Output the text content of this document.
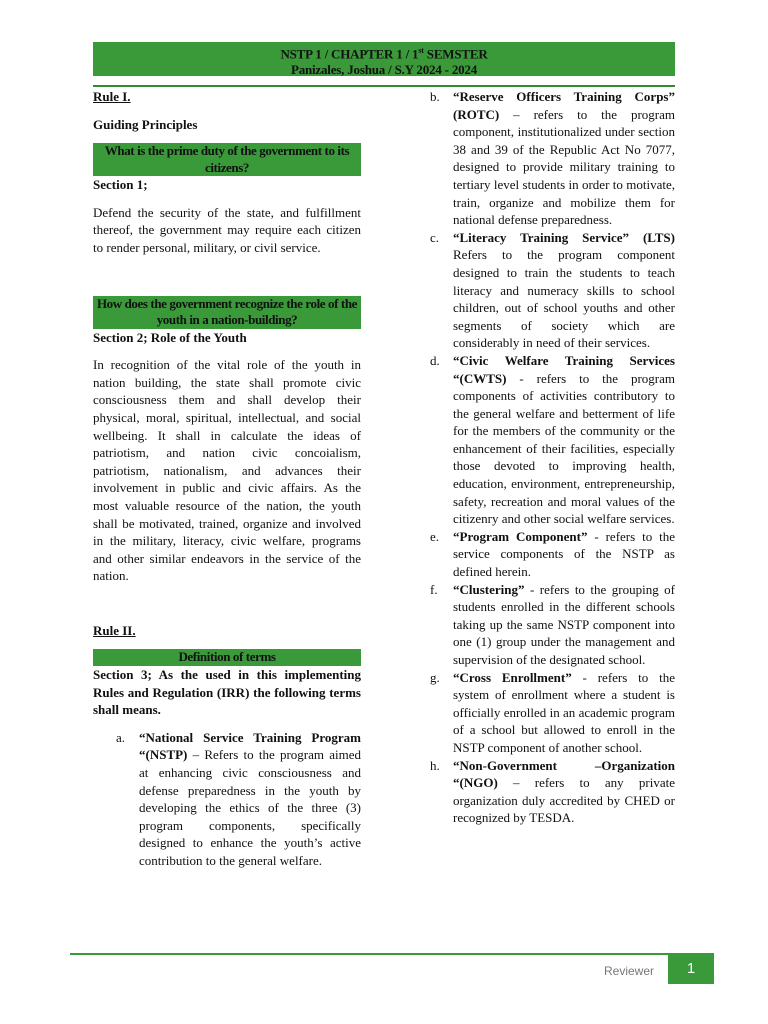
NSTP 1 / CHAPTER 1 / 1st SEMSTER
Panizales, Joshua / S.Y 2024 - 2024

Rule I.

Guiding Principles

What is the prime duty of the government to its citizens?

Section 1;

Defend the security of the state, and fulfillment thereof, the government may require each citizen to render personal, military, or civil service.

How does the government recognize the role of the youth in a nation-building?

Section 2; Role of the Youth

In recognition of the vital role of the youth in nation building, the state shall promote civic consciousness them and shall develop their physical, moral, spiritual, intellectual, and social wellbeing. It shall in calculate the ideas of patriotism, and nation civic concoialism, patriotism, nationalism, and advances their involvement in public and civic affairs. As the most valuable resource of the nation, the youth shall be motivated, trained, organize and involved in the military, literacy, civic welfare, programs and other similar endeavors in the service of the nation.

Rule II.

Definition of terms

Section 3; As the used in this implementing Rules and Regulation (IRR) the following terms shall means.

a. “National Service Training Program “(NSTP) – Refers to the program aimed at enhancing civic consciousness and defense preparedness in the youth by developing the ethics of the three (3) program components, specifically designed to enhance the youth’s active contribution to the general welfare.
b. “Reserve Officers Training Corps” (ROTC) – refers to the program component, institutionalized under section 38 and 39 of the Republic Act No 7077, designed to provide military training to tertiary level students in order to motivate, train, organize and mobilize them for national defense preparedness.
c. “Literacy Training Service” (LTS) Refers to the program component designed to train the students to teach literacy and numeracy skills to school children, out of school youths and other segments of society which are considerably in need of their services.
d. “Civic Welfare Training Services “(CWTS) - refers to the program components of activities contributory to the general welfare and betterment of life for the members of the community or the enhancement of their facilities, especially those devoted to improving health, education, environment, entrepreneurship, safety, recreation and moral values of the citizenry and other social welfare services.
e. “Program Component” - refers to the service components of the NSTP as defined herein.
f. “Clustering” - refers to the grouping of students enrolled in the different schools taking up the same NSTP component into one (1) group under the management and supervision of the designated school.
g. “Cross Enrollment” - refers to the system of enrollment where a student is officially enrolled in an academic program of a school but allowed to enroll in the NSTP component of another school.
h. “Non-Government –Organization “(NGO) – refers to any private organization duly accredited by CHED or recognized by TESDA.
Reviewer	1
